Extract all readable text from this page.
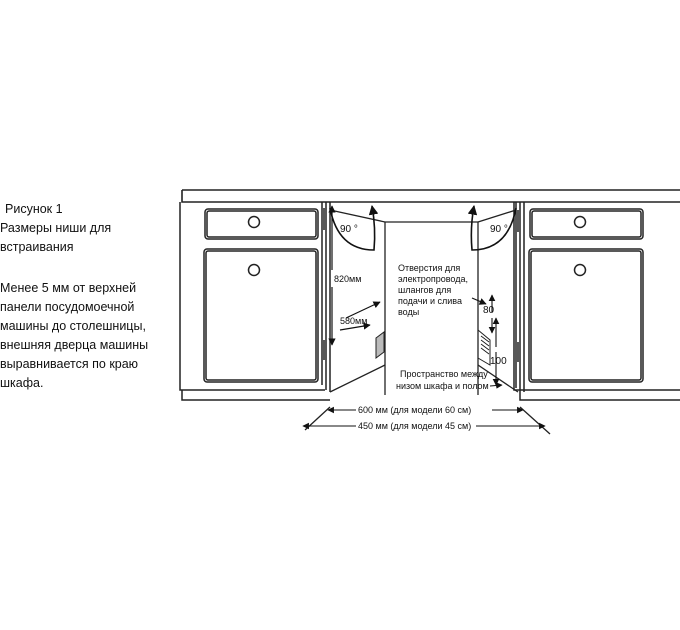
Рисунок 1
Размеры ниши для
встраивания
Менее 5 мм от верхней
панели посудомоечной
машины до столешницы,
внешняя дверца машины
выравнивается по краю
шкафа.
90 °	90 °
820мм
580мм
Отверстия для электропровода, шлангов для подачи и слива воды	80
100
Пространство между низом шкафа и полом
600 мм (для модели 60 см)
450 мм (для модели 45 см)
